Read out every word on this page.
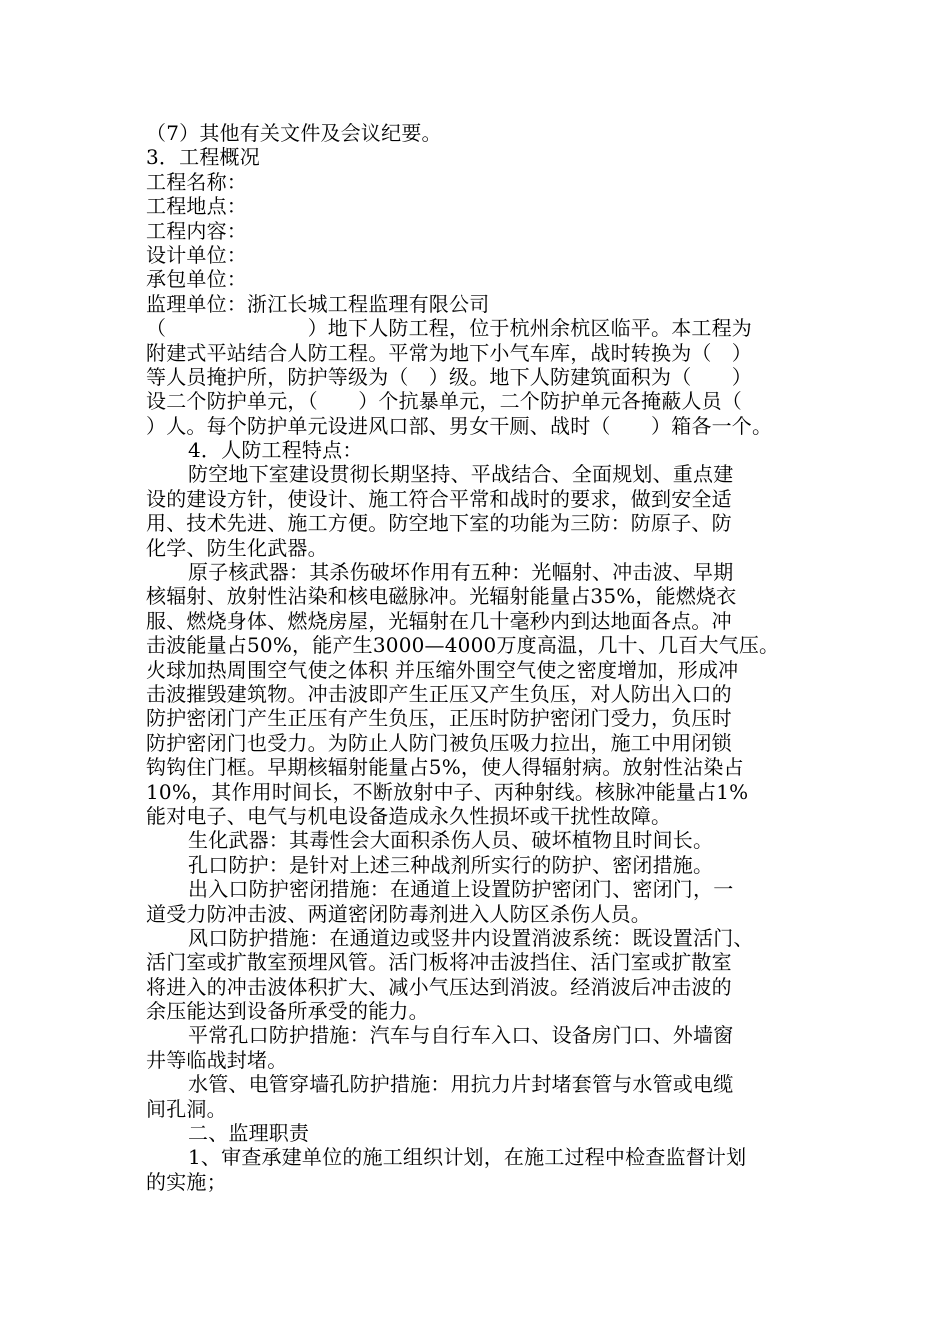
（7）其他有关文件及会议纪要。
3．工程概况
工程名称：
工程地点：
工程内容：
设计单位：
承包单位：
监理单位：浙江长城工程监理有限公司
（　　　　　　　）地下人防工程，位于杭州余杭区临平。本工程为
附建式平站结合人防工程。平常为地下小气车库，战时转换为（　）
等人员掩护所，防护等级为（　）级。地下人防建筑面积为（　　）
设二个防护单元，（　　）个抗暴单元，二个防护单元各掩蔽人员（
）人。每个防护单元设进风口部、男女干厕、战时（　　）箱各一个。
4．人防工程特点：
防空地下室建设贯彻长期坚持、平战结合、全面规划、重点建
设的建设方针，使设计、施工符合平常和战时的要求，做到安全适
用、技术先进、施工方便。防空地下室的功能为三防：防原子、防
化学、防生化武器。
原子核武器：其杀伤破坏作用有五种：光幅射、冲击波、早期
核辐射、放射性沾染和核电磁脉冲。光辐射能量占35%，能燃烧衣
服、燃烧身体、燃烧房屋，光辐射在几十毫秒内到达地面各点。冲
击波能量占50%，能产生3000—4000万度高温，几十、几百大气压。
火球加热周围空气使之体积 并压缩外围空气使之密度增加，形成冲
击波摧毁建筑物。冲击波即产生正压又产生负压，对人防出入口的
防护密闭门产生正压有产生负压，正压时防护密闭门受力，负压时
防护密闭门也受力。为防止人防门被负压吸力拉出，施工中用闭锁
钩钩住门框。早期核辐射能量占5%，使人得辐射病。放射性沾染占
10%，其作用时间长，不断放射中子、丙种射线。核脉冲能量占1%
能对电子、电气与机电设备造成永久性损坏或干扰性故障。
生化武器：其毒性会大面积杀伤人员、破坏植物且时间长。
孔口防护：是针对上述三种战剂所实行的防护、密闭措施。
出入口防护密闭措施：在通道上设置防护密闭门、密闭门，一
道受力防冲击波、两道密闭防毒剂进入人防区杀伤人员。
风口防护措施：在通道边或竖井内设置消波系统：既设置活门、
活门室或扩散室预埋风管。活门板将冲击波挡住、活门室或扩散室
将进入的冲击波体积扩大、减小气压达到消波。经消波后冲击波的
余压能达到设备所承受的能力。
平常孔口防护措施：汽车与自行车入口、设备房门口、外墙窗
井等临战封堵。
水管、电管穿墙孔防护措施：用抗力片封堵套管与水管或电缆
间孔洞。
二、监理职责
1、审查承建单位的施工组织计划，在施工过程中检查监督计划
的实施；
